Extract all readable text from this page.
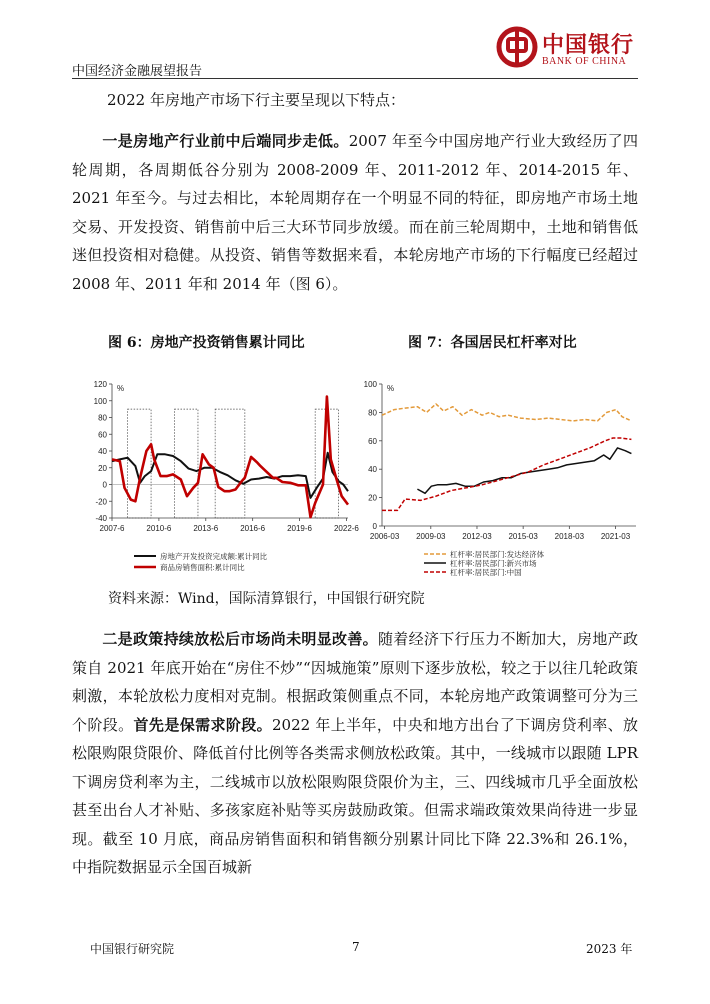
中国经济金融展望报告
中国银行
BANK OF CHINA
2022 年房地产市场下行主要呈现以下特点：
一是房地产行业前中后端同步走低。2007 年至今中国房地产行业大致经历了四轮周期，各周期低谷分别为 2008-2009 年、2011-2012 年、2014-2015 年、2021 年至今。与过去相比，本轮周期存在一个明显不同的特征，即房地产市场土地交易、开发投资、销售前中后三大环节同步放缓。而在前三轮周期中，土地和销售低迷但投资相对稳健。从投资、销售等数据来看，本轮房地产市场的下行幅度已经超过 2008 年、2011 年和 2014 年（图 6）。
图 6：房地产投资销售累计同比	图 7：各国居民杠杆率对比
-40
-20
0
20
40
60
80
100
120 %
2007-6	2010-6	2013-6	2016-6	2019-6	2022-6
房地产开发投资完成额:累计同比
商品房销售面积:累计同比
0
20
40
60
80
100 %
2006-03 2009-03 2012-03 2015-03 2018-03 2021-03
杠杆率:居民部门:发达经济体
杠杆率:居民部门:新兴市场
杠杆率:居民部门:中国
资料来源：Wind，国际清算银行，中国银行研究院
二是政策持续放松后市场尚未明显改善。随着经济下行压力不断加大，房地产政策自 2021 年底开始在“房住不炒”“因城施策”原则下逐步放松，较之于以往几轮政策刺激，本轮放松力度相对克制。根据政策侧重点不同，本轮房地产政策调整可分为三个阶段。首先是保需求阶段。2022 年上半年，中央和地方出台了下调房贷利率、放松限购限贷限价、降低首付比例等各类需求侧放松政策。其中，一线城市以跟随 LPR 下调房贷利率为主，二线城市以放松限购限贷限价为主，三、四线城市几乎全面放松甚至出台人才补贴、多孩家庭补贴等买房鼓励政策。但需求端政策效果尚待进一步显现。截至 10 月底，商品房销售面积和销售额分别累计同比下降 22.3%和 26.1%，中指院数据显示全国百城新
中国银行研究院	7	2023 年
